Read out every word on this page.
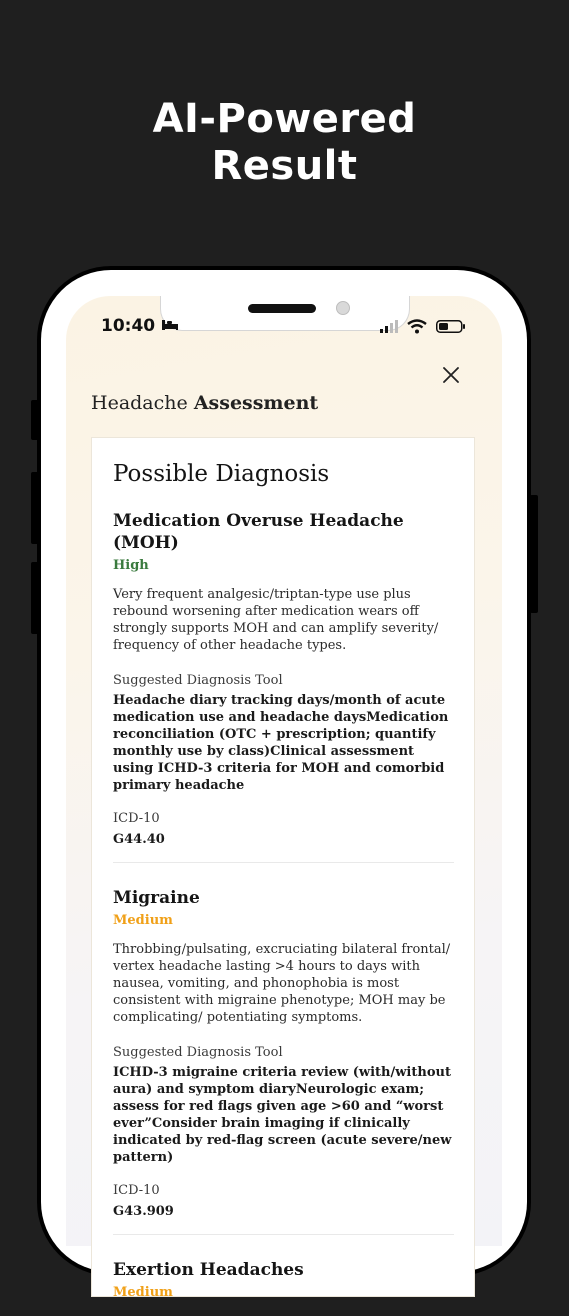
AI-Powered
Result
10:40
Headache Assessment
Possible Diagnosis
Medication Overuse Headache (MOH)
High
Very frequent analgesic/triptan-type use plus rebound worsening after medication wears off strongly supports MOH and can amplify severity/ frequency of other headache types.
Suggested Diagnosis Tool
Headache diary tracking days/month of acute medication use and headache daysMedication reconciliation (OTC + prescription; quantify monthly use by class)Clinical assessment using ICHD-3 criteria for MOH and comorbid primary headache
ICD-10
G44.40
Migraine
Medium
Throbbing/pulsating, excruciating bilateral frontal/ vertex headache lasting >4 hours to days with nausea, vomiting, and phonophobia is most consistent with migraine phenotype; MOH may be complicating/ potentiating symptoms.
Suggested Diagnosis Tool
ICHD-3 migraine criteria review (with/without aura) and symptom diaryNeurologic exam; assess for red flags given age >60 and “worst ever”Consider brain imaging if clinically indicated by red-flag screen (acute severe/new pattern)
ICD-10
G43.909
Exertion Headaches
Medium
